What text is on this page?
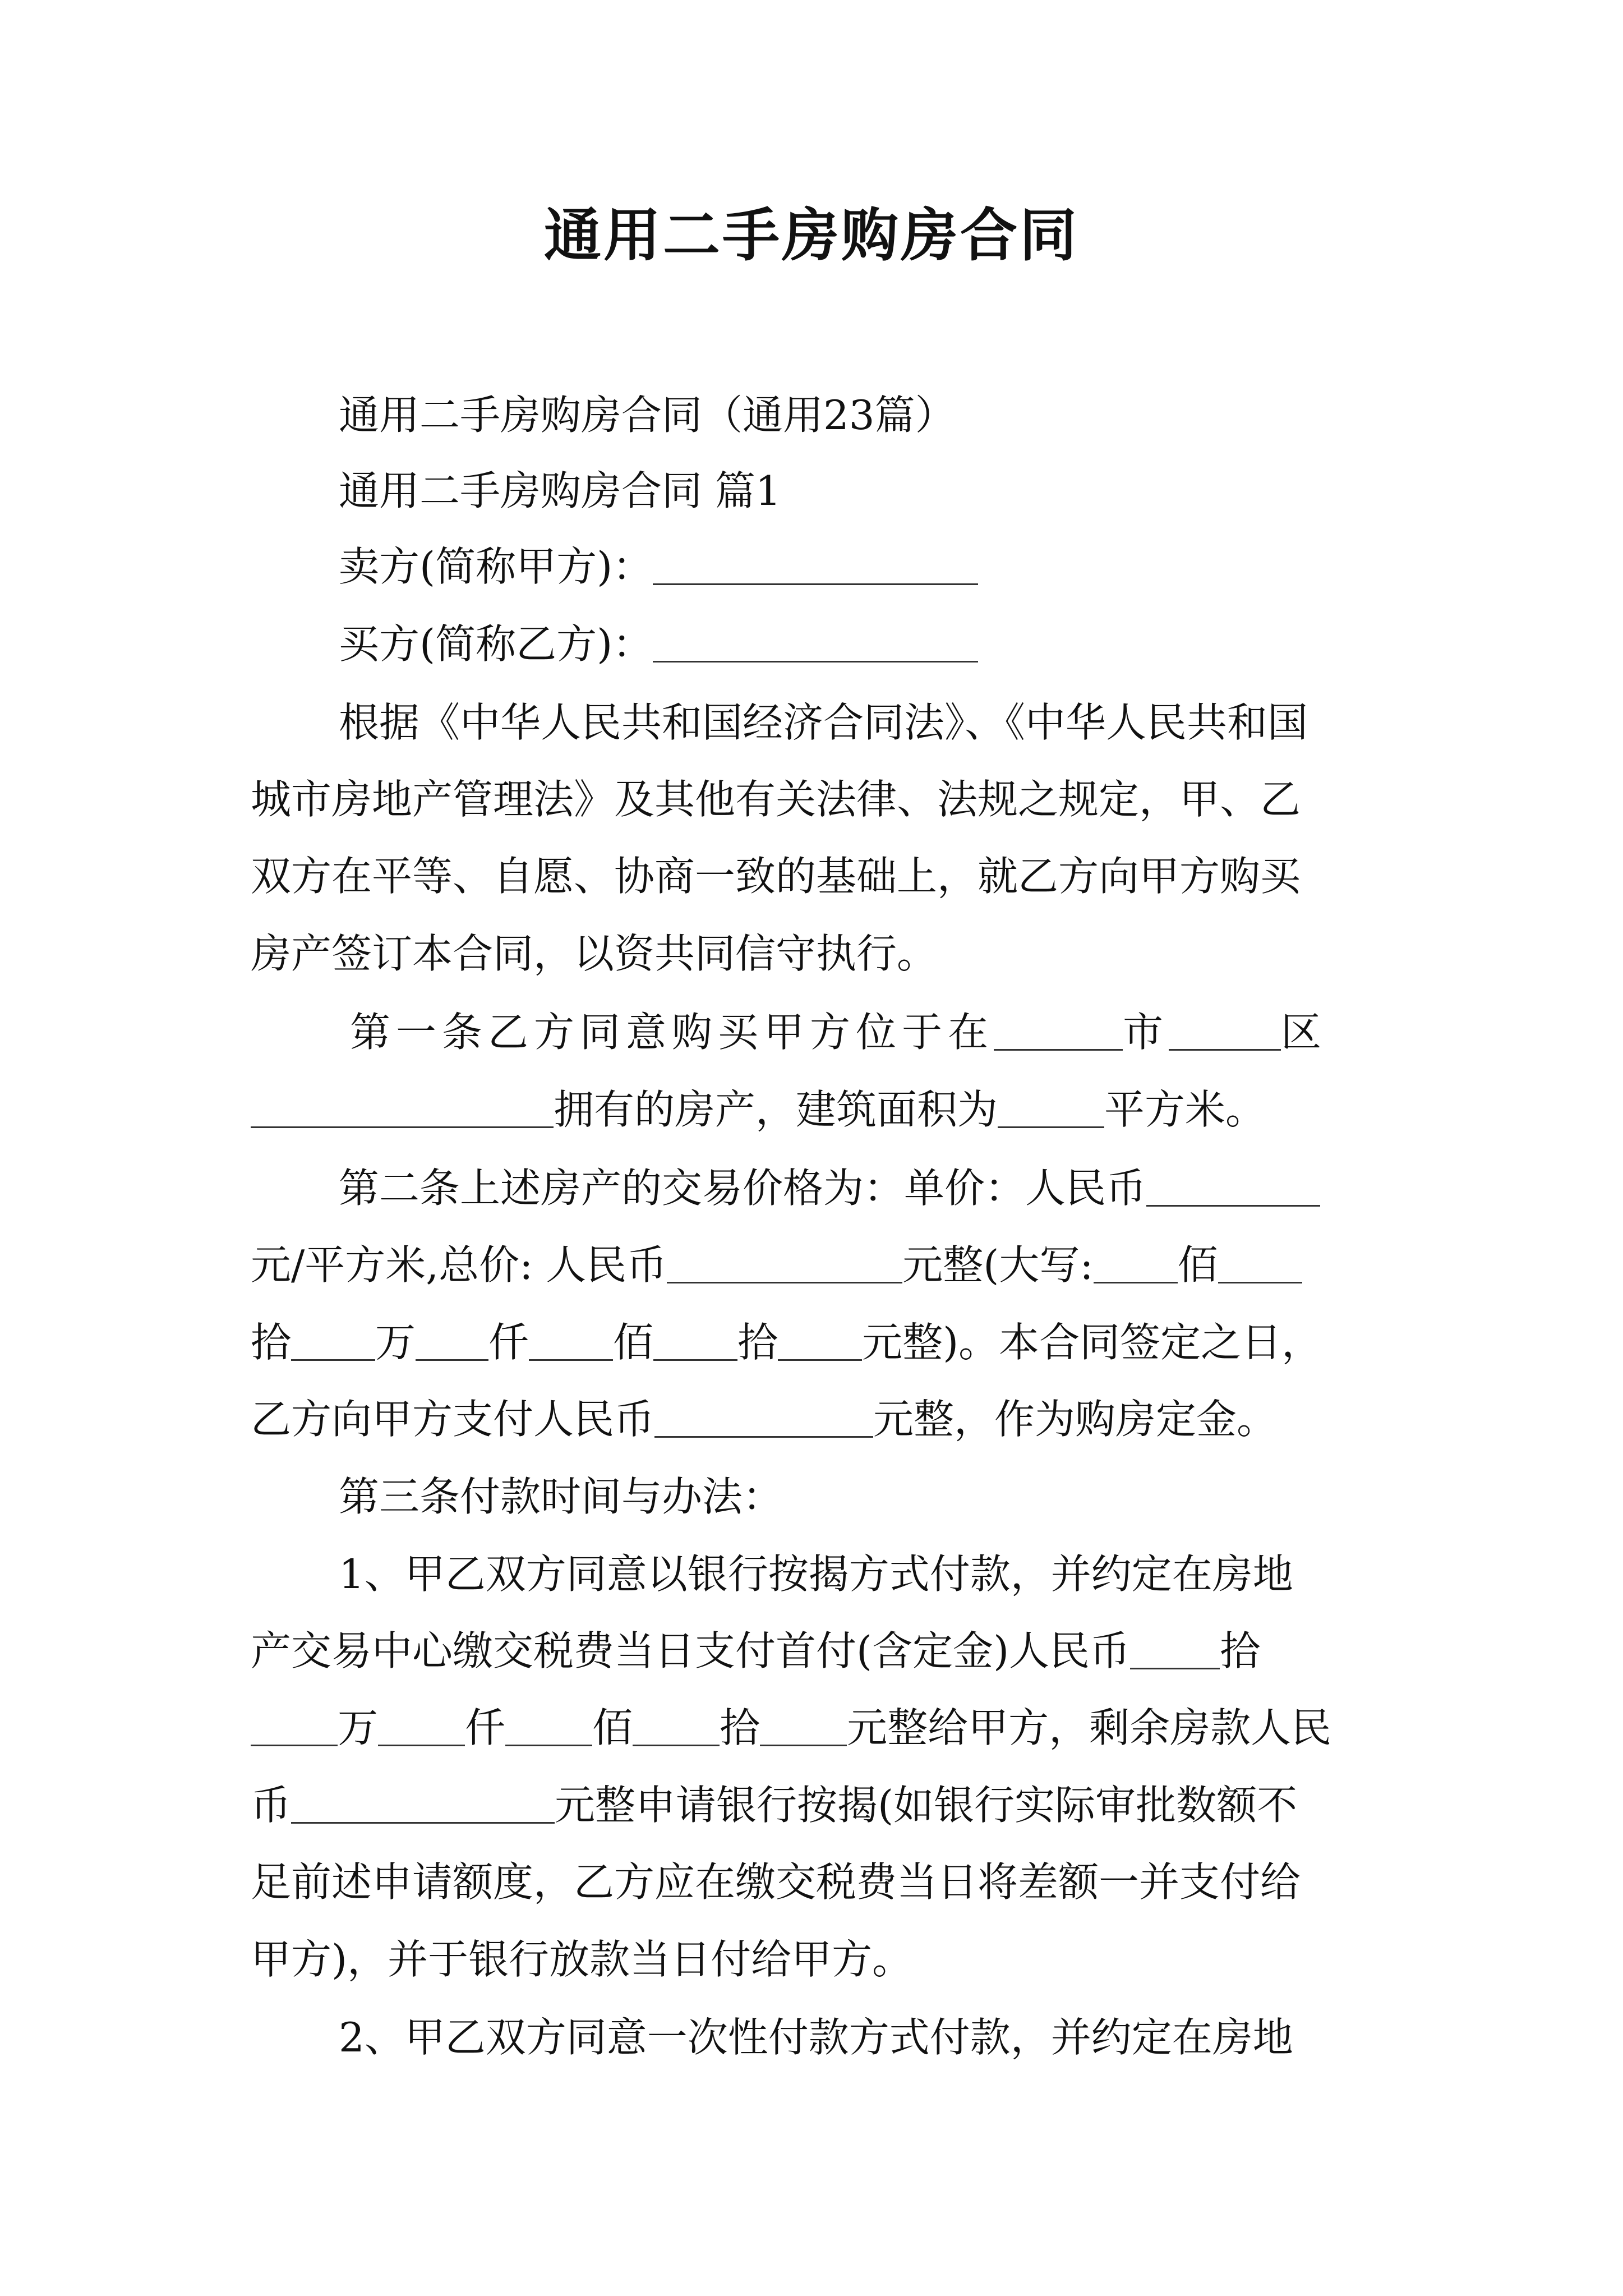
通用二手房购房合同
通用二手房购房合同（通用23篇）
通用二手房购房合同 篇1
卖方(简称甲方)：
买方(简称乙方)：
根据《中华人民共和国经济合同法》、《中华人民共和国
城市房地产管理法》及其他有关法律、法规之规定，甲、乙
双方在平等、自愿、协商一致的基础上，就乙方向甲方购买
房产签订本合同，以资共同信守执行。
第一条乙方同意购买甲方位于在	市	区
拥有的房产，建筑面积为	平方米。
第二条上述房产的交易价格为：单价：人民币
元/平方米,总价: 人民币	元整(大写: 佰
拾 万 仟 佰 拾 元整)。本合同签定之日，
乙方向甲方支付人民币	元整，作为购房定金。
第三条付款时间与办法：
1、甲乙双方同意以银行按揭方式付款，并约定在房地
产交易中心缴交税费当日支付首付(含定金)人民币 拾
万 仟 佰 拾 元整给甲方，剩余房款人民
币	元整申请银行按揭(如银行实际审批数额不
足前述申请额度，乙方应在缴交税费当日将差额一并支付给
甲方)，并于银行放款当日付给甲方。
2、甲乙双方同意一次性付款方式付款，并约定在房地
